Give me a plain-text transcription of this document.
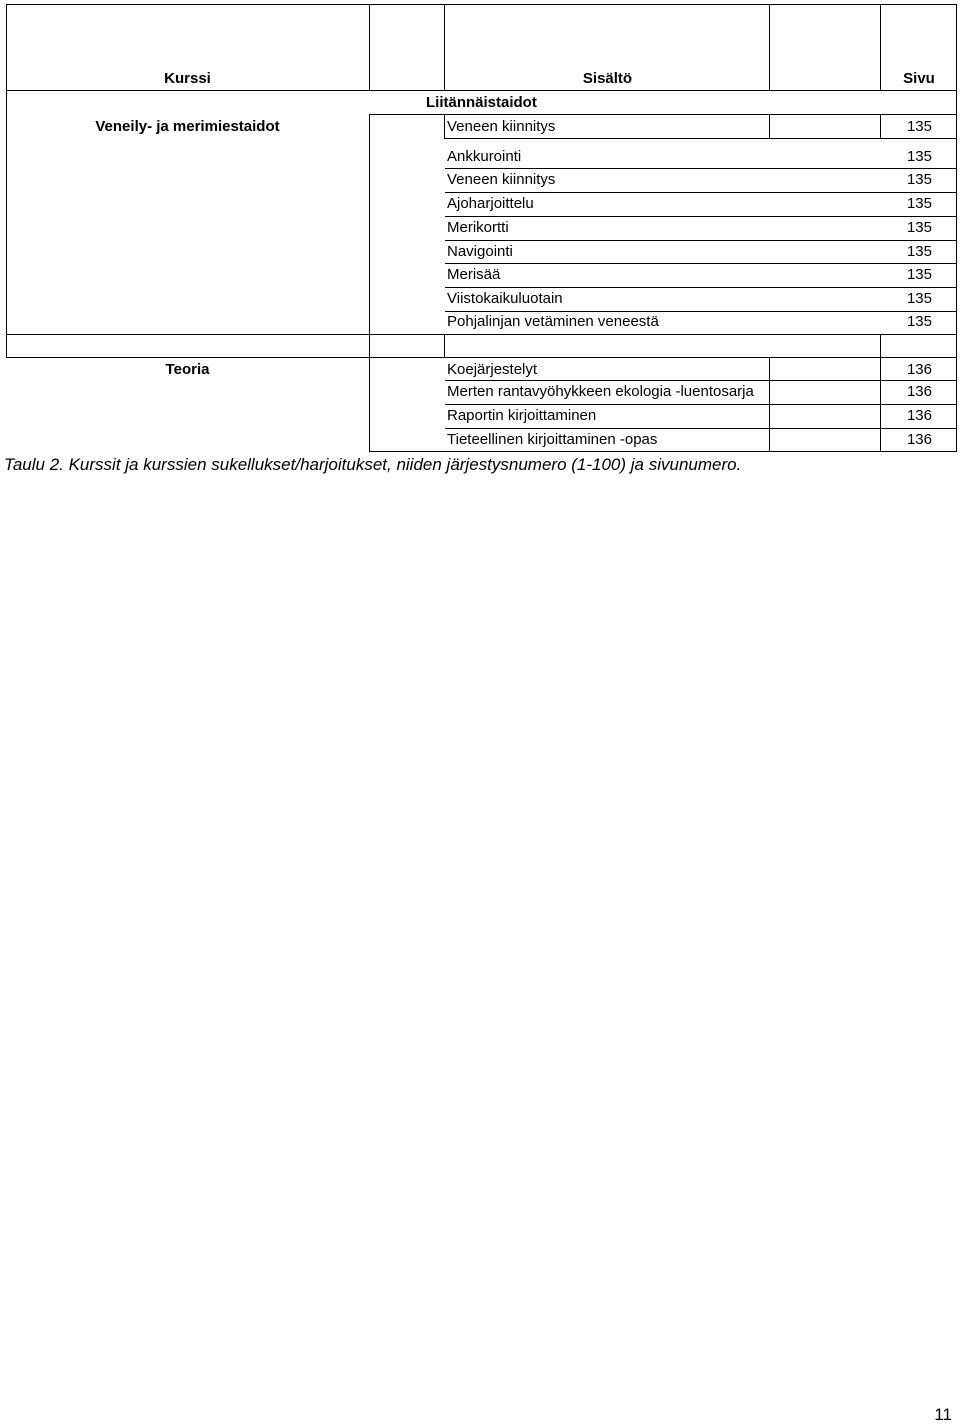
Kurssi	Sisältö	Sivu
Liitännäistaidot
Veneily- ja merimiestaidot	Veneen kiinnitys	135
Ankkurointi	135
Veneen kiinnitys	135
Ajoharjoittelu	135
Merikortti	135
Navigointi	135
Merisää	135
Viistokaikuluotain	135
Pohjalinjan vetäminen veneestä	135
Teoria	Koejärjestelyt	136
Merten rantavyöhykkeen ekologia -luentosarja	136
Raportin kirjoittaminen	136
Tieteellinen kirjoittaminen -opas	136
Taulu 2. Kurssit ja kurssien sukellukset/harjoitukset, niiden järjestysnumero (1-100) ja sivunumero.
11
